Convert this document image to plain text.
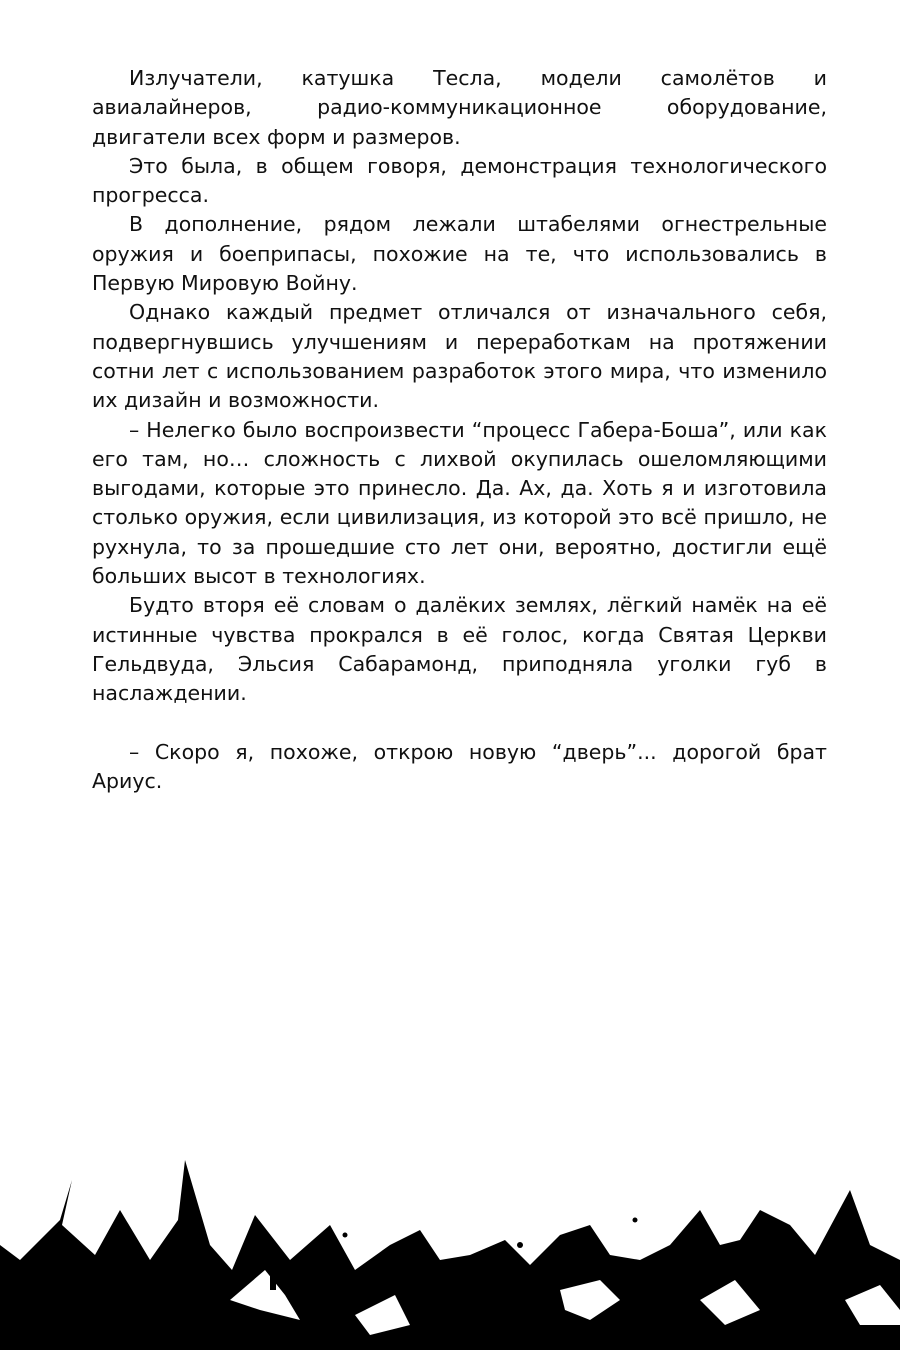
Излучатели, катушка Тесла, модели самолётов и авиалайнеров, радио-коммуникационное оборудование, двигатели всех форм и размеров.

Это была, в общем говоря, демонстрация технологического прогресса.

В дополнение, рядом лежали штабелями огнестрельные оружия и боеприпасы, похожие на те, что использовались в Первую Мировую Войну.

Однако каждый предмет отличался от изначального себя, подвергнувшись улучшениям и переработкам на протяжении сотни лет с использованием разработок этого мира, что изменило их дизайн и возможности.

– Нелегко было воспроизвести “процесс Габера-Боша”, или как его там, но… сложность с лихвой окупилась ошеломляющими выгодами, которые это принесло. Да. Ах, да. Хоть я и изготовила столько оружия, если цивилизация, из которой это всё пришло, не рухнула, то за прошедшие сто лет они, вероятно, достигли ещё больших высот в технологиях.

Будто вторя её словам о далёких землях, лёгкий намёк на её истинные чувства прокрался в её голос, когда Святая Церкви Гельдвуда, Эльсия Сабарамонд, приподняла уголки губ в наслаждении.

– Скоро я, похоже, открою новую “дверь”... дорогой брат Ариус.
